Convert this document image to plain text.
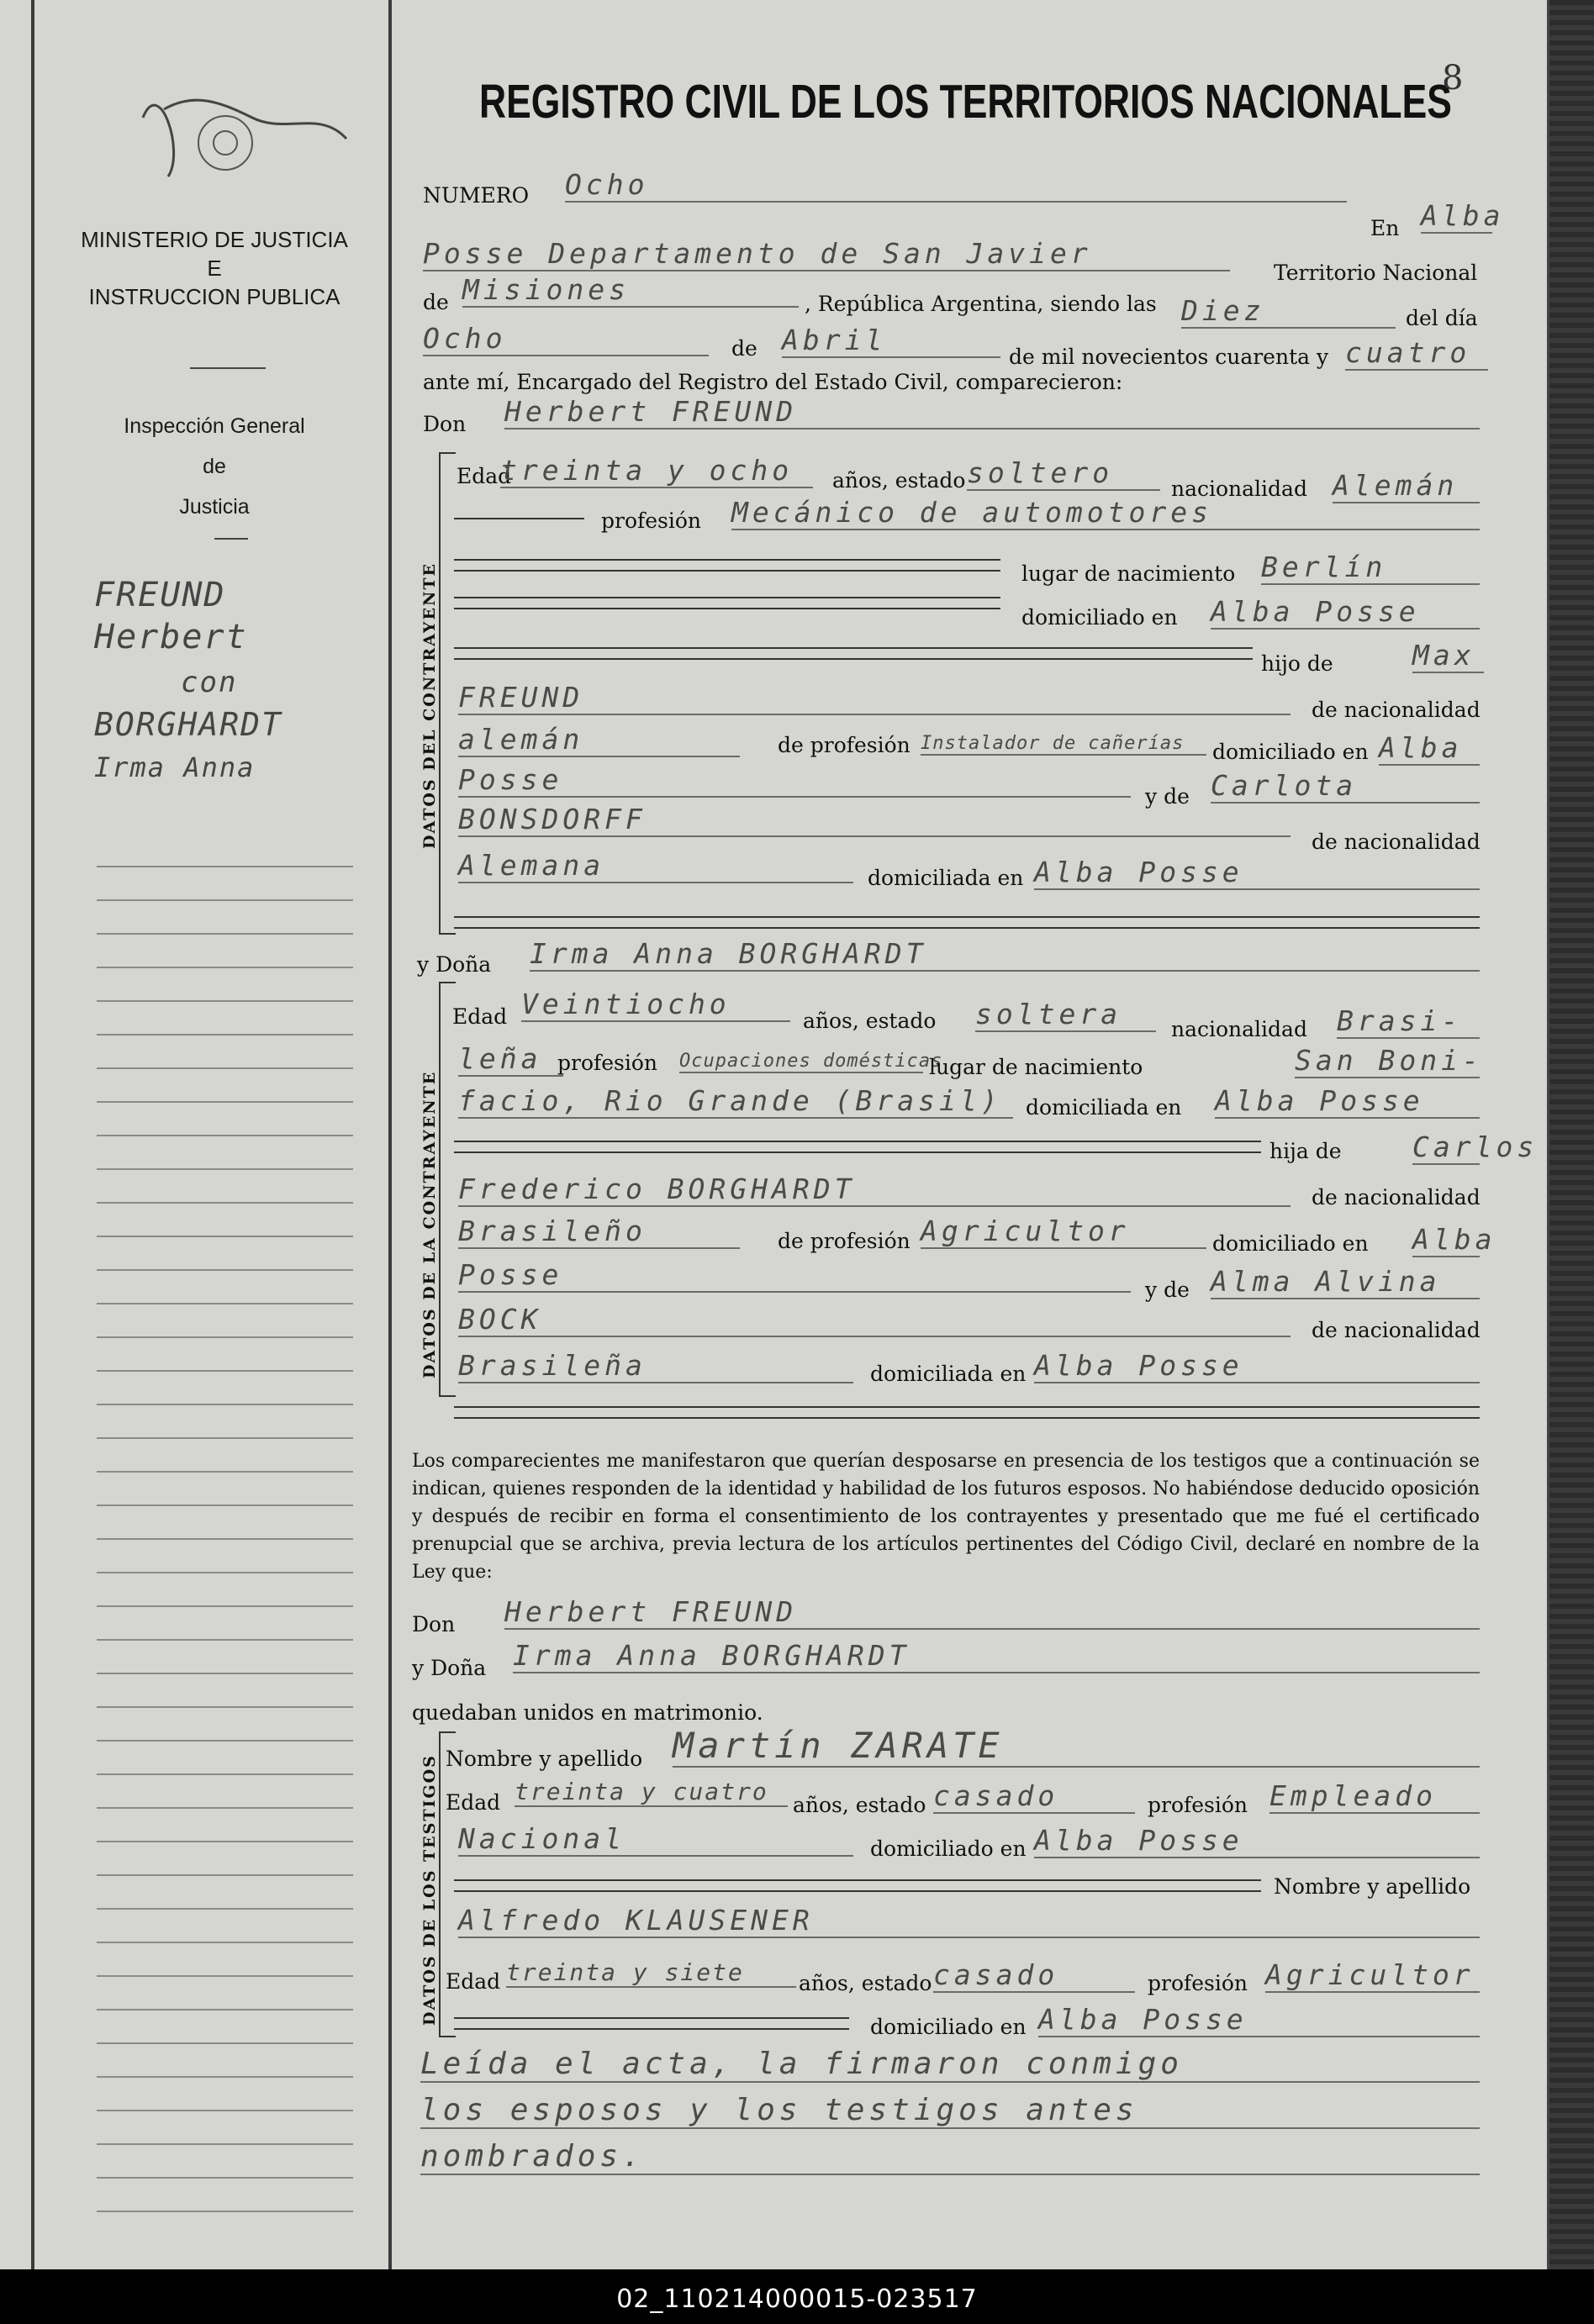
MINISTERIO DE JUSTICIA
E
INSTRUCCION PUBLICA
Inspección General
de
Justicia
FREUND
Herbert
con
BORGHARDT
Irma Anna
REGISTRO CIVIL DE LOS TERRITORIOS NACIONALES
8
NUMERO Ocho
En Alba
Posse Departamento de San Javier
Territorio Nacional
de Misiones	, República Argentina, siendo las Diez	del día
Ocho	de Abril
de mil novecientos cuarenta y cuatro
ante mí, Encargado del Registro del Estado Civil, comparecieron:
Don Herbert FREUND
DATOS DEL CONTRAYENTE
Edad
treinta y ocho	años, estado soltero	nacionalidad Alemán
profesión Mecánico de automotores
lugar de nacimiento Berlín
domiciliado en Alba Posse
hijo de	Max
FREUND	de nacionalidad
alemán	de profesión Instalador de cañerías	domiciliado en Alba
Posse
y de Carlota
BONSDORFF
de nacionalidad
Alemana	domiciliada en Alba Posse
y Doña Irma Anna BORGHARDT
DATOS DE LA CONTRAYENTE
Edad Veintiocho
años, estado soltera	nacionalidad Brasi-
leña profesión Ocupaciones domésticas
lugar de nacimiento	San Boni-
facio, Rio Grande (Brasil)	domiciliada en Alba Posse
hija de	Carlos
Frederico BORGHARDT	de nacionalidad
Brasileño	de profesión Agricultor	domiciliado en Alba
Posse	y de Alma Alvina
BOCK	de nacionalidad
Brasileña	domiciliada en Alba Posse
Los comparecientes me manifestaron que querían desposarse en presencia de los testigos que a continuación se indican, quienes responden de la identidad y habilidad de los futuros esposos. No habiéndose deducido oposición y después de recibir en forma el consentimiento de los contrayentes y presentado que me fué el certificado prenupcial que se archiva, previa lectura de los artículos pertinentes del Código Civil, declaré en nombre de la Ley que:
Don Herbert FREUND
y Doña Irma Anna BORGHARDT
quedaban unidos en matrimonio.
DATOS DE LOS TESTIGOS Nombre y apellido Martín ZARATE
Edad treinta y cuatro	años, estado casado	profesión Empleado
Nacional	domiciliado en Alba Posse
Nombre y apellido
Alfredo KLAUSENER
Edad treinta y siete	años, estado casado	profesión Agricultor
domiciliado en Alba Posse
Leída el acta, la firmaron conmigo
los esposos y los testigos antes
nombrados.
02_110214000015-023517
